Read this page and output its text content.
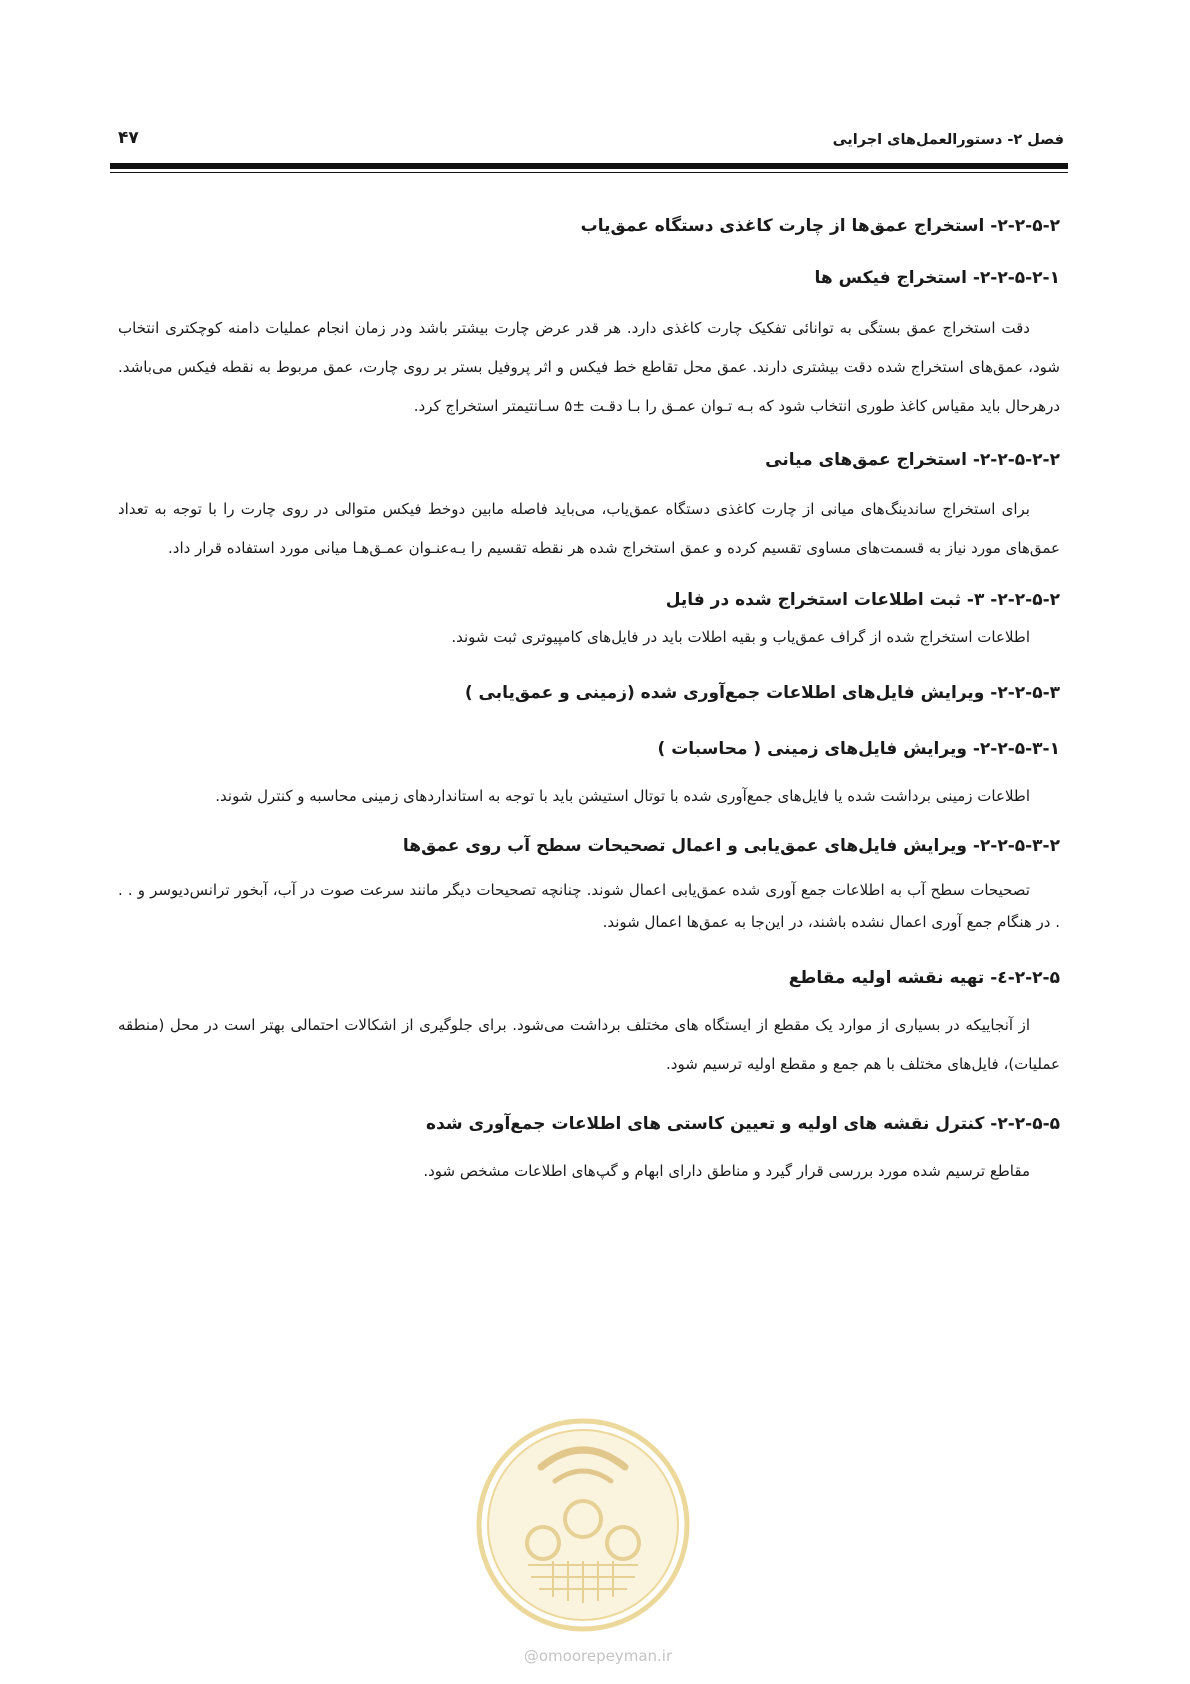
فصل ۲- دستورالعمل‌های اجرایی
۴۷
۲-۲-۵-۲- استخراج عمق‌ها از چارت کاغذی دستگاه عمق‌یاب
۲-۲-۵-۲-۱- استخراج فیکس ها

دقت استخراج عمق بستگی به توانائی تفکیک چارت کاغذی دارد. هر قدر عرض چارت بیشتر باشد ودر زمان انجام عملیات دامنه کوچکتری انتخاب شود، عمق‌های استخراج شده دقت بیشتری دارند. عمق محل تقاطع خط فیکس و اثر پروفیل بستر بر روی چارت، عمق مربوط به نقطه فیکس می‌باشد. درهرحال باید مقیاس کاغذ طوری انتخاب شود که بـه تـوان عمـق را بـا دقـت ±۵ سـانتیمتر استخراج کرد.

۲-۲-۵-۲-۲- استخراج عمق‌های میانی

برای استخراج ساندینگ‌های میانی از چارت کاغذی دستگاه عمق‌یاب، می‌باید فاصله مابین دوخط فیکس متوالی در روی چارت را با توجه به تعداد عمق‌های مورد نیاز به قسمت‌های مساوی تقسیم کرده و عمق استخراج شده هر نقطه تقسیم را بـه‌عنـوان عمـق‌هـا میانی مورد استفاده قرار داد.

۲-۲-۵-۲- ۳- ثبت اطلاعات استخراج شده در فایل

اطلاعات استخراج شده از گراف عمق‌یاب و بقیه اطلات باید در فایل‌های کامپیوتری ثبت شوند.

۲-۲-۵-۳- ویرایش فایل‌های اطلاعات جمع‌آوری شده (زمینی و عمق‌یابی )
۲-۲-۵-۳-۱- ویرایش فایل‌های زمینی ( محاسبات )

اطلاعات زمینی برداشت شده یا فایل‌های جمع‌آوری شده با توتال استیشن باید با توجه به استانداردهای زمینی محاسبه و کنترل شوند.

۲-۲-۵-۳-۲- ویرایش فایل‌های عمق‌یابی و اعمال تصحیحات سطح آب روی عمق‌ها

تصحیحات سطح آب به اطلاعات جمع آوری شده عمق‌یابی اعمال شوند. چنانچه تصحیحات دیگر مانند سرعت صوت در آب، آبخور ترانس‌دیوسر و . . . در هنگام جمع آوری اعمال نشده باشند، در این‌جا به عمق‌ها اعمال شوند.

۲-۲-۵-٤- تهیه نقشه اولیه مقاطع

از آنجاییکه در بسیاری از موارد یک مقطع از ایستگاه های مختلف برداشت می‌شود. برای جلوگیری از اشکالات احتمالی بهتر است در محل (منطقه عملیات)، فایل‌های مختلف با هم جمع و مقطع اولیه ترسیم شود.

۲-۲-۵-۵- کنترل نقشه های اولیه و تعیین کاستی های اطلاعات جمع‌آوری شده

مقاطع ترسیم شده مورد بررسی قرار گیرد و مناطق دارای ابهام و گپ‌های اطلاعات مشخص شود.

@omoorepeyman.ir
